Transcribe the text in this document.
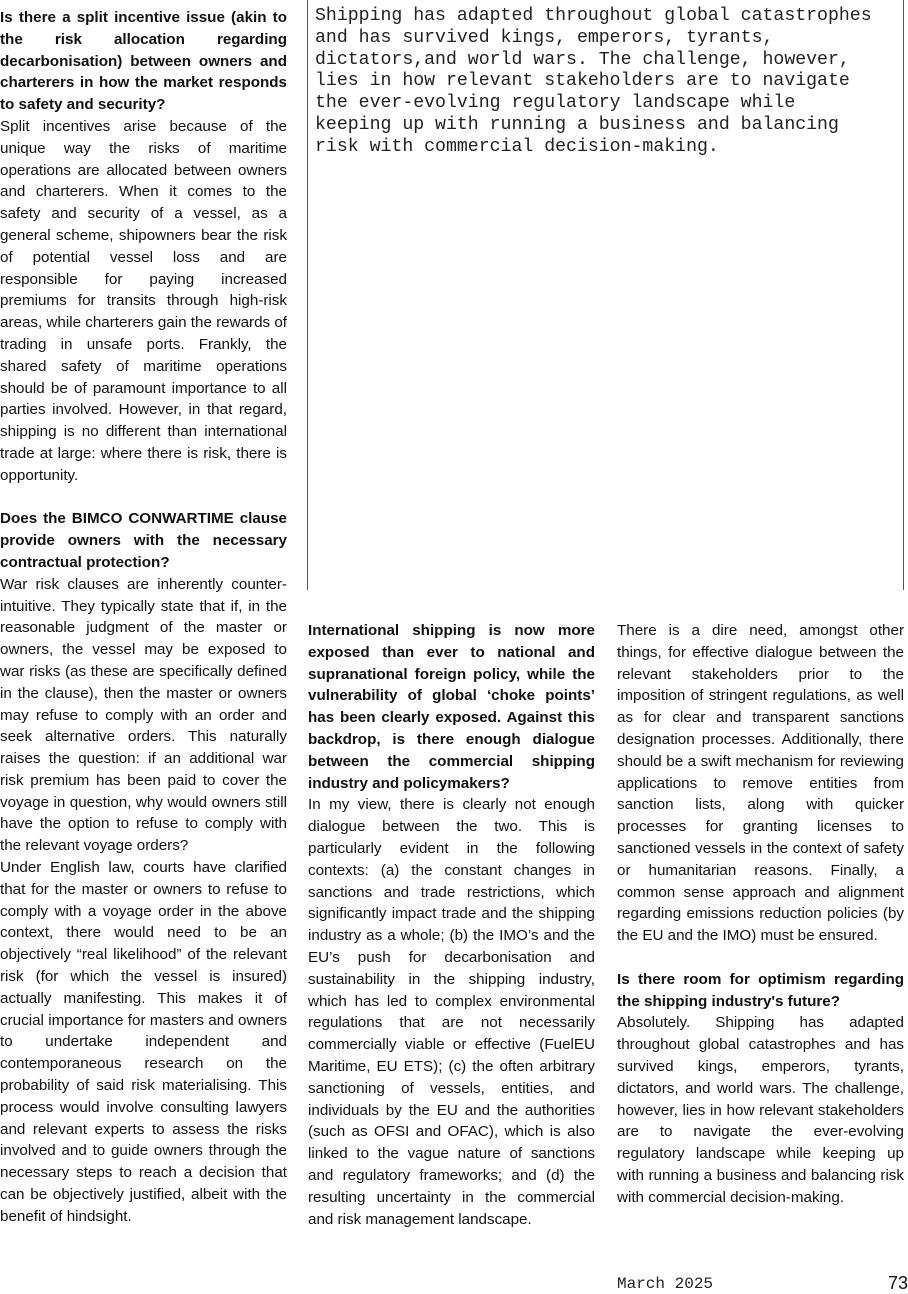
Shipping has adapted throughout global catastrophes and has survived kings, emperors, tyrants, dictators,and world wars. The challenge, however, lies in how relevant stakeholders are to navigate the ever-evolving regulatory landscape while keeping up with running a business and balancing risk with commercial decision-making.

Is there a split incentive issue (akin to the risk allocation regarding decarbonisation) between owners and charterers in how the market responds to safety and security?

Split incentives arise because of the unique way the risks of maritime operations are allocated between owners and charterers. When it comes to the safety and security of a vessel, as a general scheme, shipowners bear the risk of potential vessel loss and are responsible for paying increased premiums for transits through high-risk areas, while charterers gain the rewards of trading in unsafe ports. Frankly, the shared safety of maritime operations should be of paramount importance to all parties involved. However, in that regard, shipping is no different than international trade at large: where there is risk, there is opportunity.

Does the BIMCO CONWARTIME clause provide owners with the necessary contractual protection?

War risk clauses are inherently counter-intuitive. They typically state that if, in the reasonable judgment of the master or owners, the vessel may be exposed to war risks (as these are specifically defined in the clause), then the master or owners may refuse to comply with an order and seek alternative orders. This naturally raises the question: if an additional war risk premium has been paid to cover the voyage in question, why would owners still have the option to refuse to comply with the relevant voyage orders?

Under English law, courts have clarified that for the master or owners to refuse to comply with a voyage order in the above context, there would need to be an objectively “real likelihood” of the relevant risk (for which the vessel is insured) actually manifesting. This makes it of crucial importance for masters and owners to undertake independent and contemporaneous research on the probability of said risk materialising. This process would involve consulting lawyers and relevant experts to assess the risks involved and to guide owners through the necessary steps to reach a decision that can be objectively justified, albeit with the benefit of hindsight.

International shipping is now more exposed than ever to national and supranational foreign policy, while the vulnerability of global ‘choke points’ has been clearly exposed. Against this backdrop, is there enough dialogue between the commercial shipping industry and policymakers?

In my view, there is clearly not enough dialogue between the two. This is particularly evident in the following contexts: (a) the constant changes in sanctions and trade restrictions, which significantly impact trade and the shipping industry as a whole; (b) the IMO’s and the EU’s push for decarbonisation and sustainability in the shipping industry, which has led to complex environmental regulations that are not necessarily commercially viable or effective (FuelEU Maritime, EU ETS); (c) the often arbitrary sanctioning of vessels, entities, and individuals by the EU and the authorities (such as OFSI and OFAC), which is also linked to the vague nature of sanctions and regulatory frameworks; and (d) the resulting uncertainty in the commercial and risk management landscape.

There is a dire need, amongst other things, for effective dialogue between the relevant stakeholders prior to the imposition of stringent regulations, as well as for clear and transparent sanctions designation processes. Additionally, there should be a swift mechanism for reviewing applications to remove entities from sanction lists, along with quicker processes for granting licenses to sanctioned vessels in the context of safety or humanitarian reasons. Finally, a common sense approach and alignment regarding emissions reduction policies (by the EU and the IMO) must be ensured.

Is there room for optimism regarding the shipping industry's future?

Absolutely. Shipping has adapted throughout global catastrophes and has survived kings, emperors, tyrants, dictators, and world wars. The challenge, however, lies in how relevant stakeholders are to navigate the ever-evolving regulatory landscape while keeping up with running a business and balancing risk with commercial decision-making.

March 2025	73
